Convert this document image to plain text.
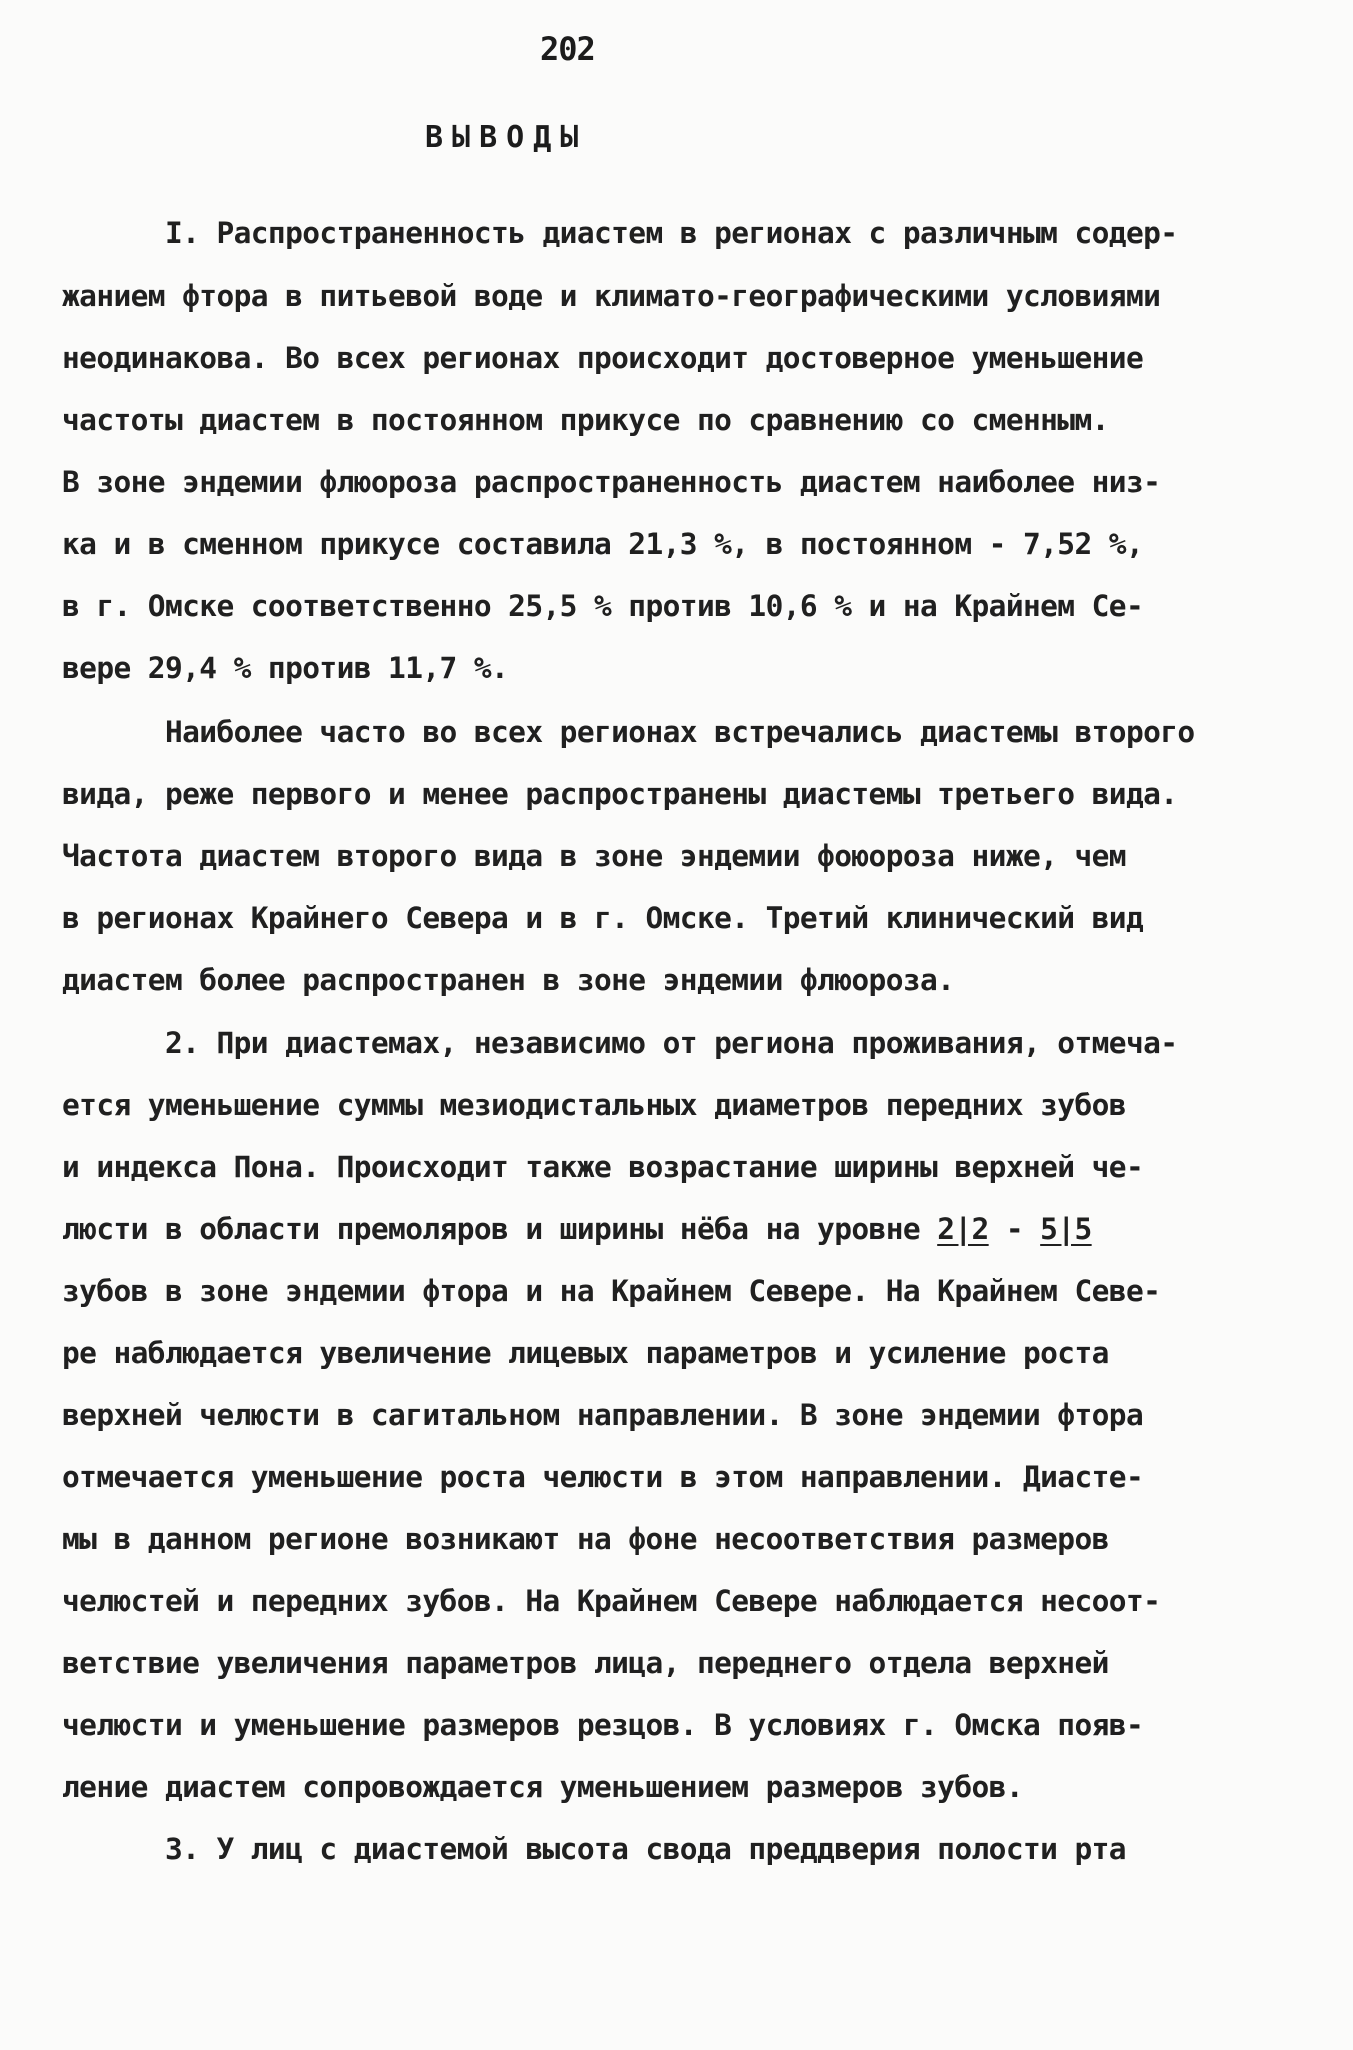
202
ВЫВОДЫ
I. Распространенность диастем в регионах с различным содер-
жанием фтора в питьевой воде и климато-географическими условиями
неодинакова. Во всех регионах происходит достоверное уменьшение
частоты диастем в постоянном прикусе по сравнению со сменным.
В зоне эндемии флюороза распространенность диастем наиболее низ-
ка и в сменном прикусе составила 21,3 %, в постоянном - 7,52 %,
в г. Омске соответственно 25,5 % против 10,6 % и на Крайнем Се-
вере 29,4 % против 11,7 %.
Наиболее часто во всех регионах встречались диастемы второго
вида, реже первого и менее распространены диастемы третьего вида.
Частота диастем второго вида в зоне эндемии фоюороза ниже, чем
в регионах Крайнего Севера и в г. Омске. Третий клинический вид
диастем более распространен в зоне эндемии флюороза.
2. При диастемах, независимо от региона проживания, отмеча-
ется уменьшение суммы мезиодистальных диаметров передних зубов
и индекса Пона. Происходит также возрастание ширины верхней че-
люсти в области премоляров и ширины нёба на уровне 2|2 - 5|5
зубов в зоне эндемии фтора и на Крайнем Севере. На Крайнем Севе-
ре наблюдается увеличение лицевых параметров и усиление роста
верхней челюсти в сагитальном направлении. В зоне эндемии фтора
отмечается уменьшение роста челюсти в этом направлении. Диасте-
мы в данном регионе возникают на фоне несоответствия размеров
челюстей и передних зубов. На Крайнем Севере наблюдается несоот-
ветствие увеличения параметров лица, переднего отдела верхней
челюсти и уменьшение размеров резцов. В условиях г. Омска появ-
ление диастем сопровождается уменьшением размеров зубов.
3. У лиц с диастемой высота свода преддверия полости рта
